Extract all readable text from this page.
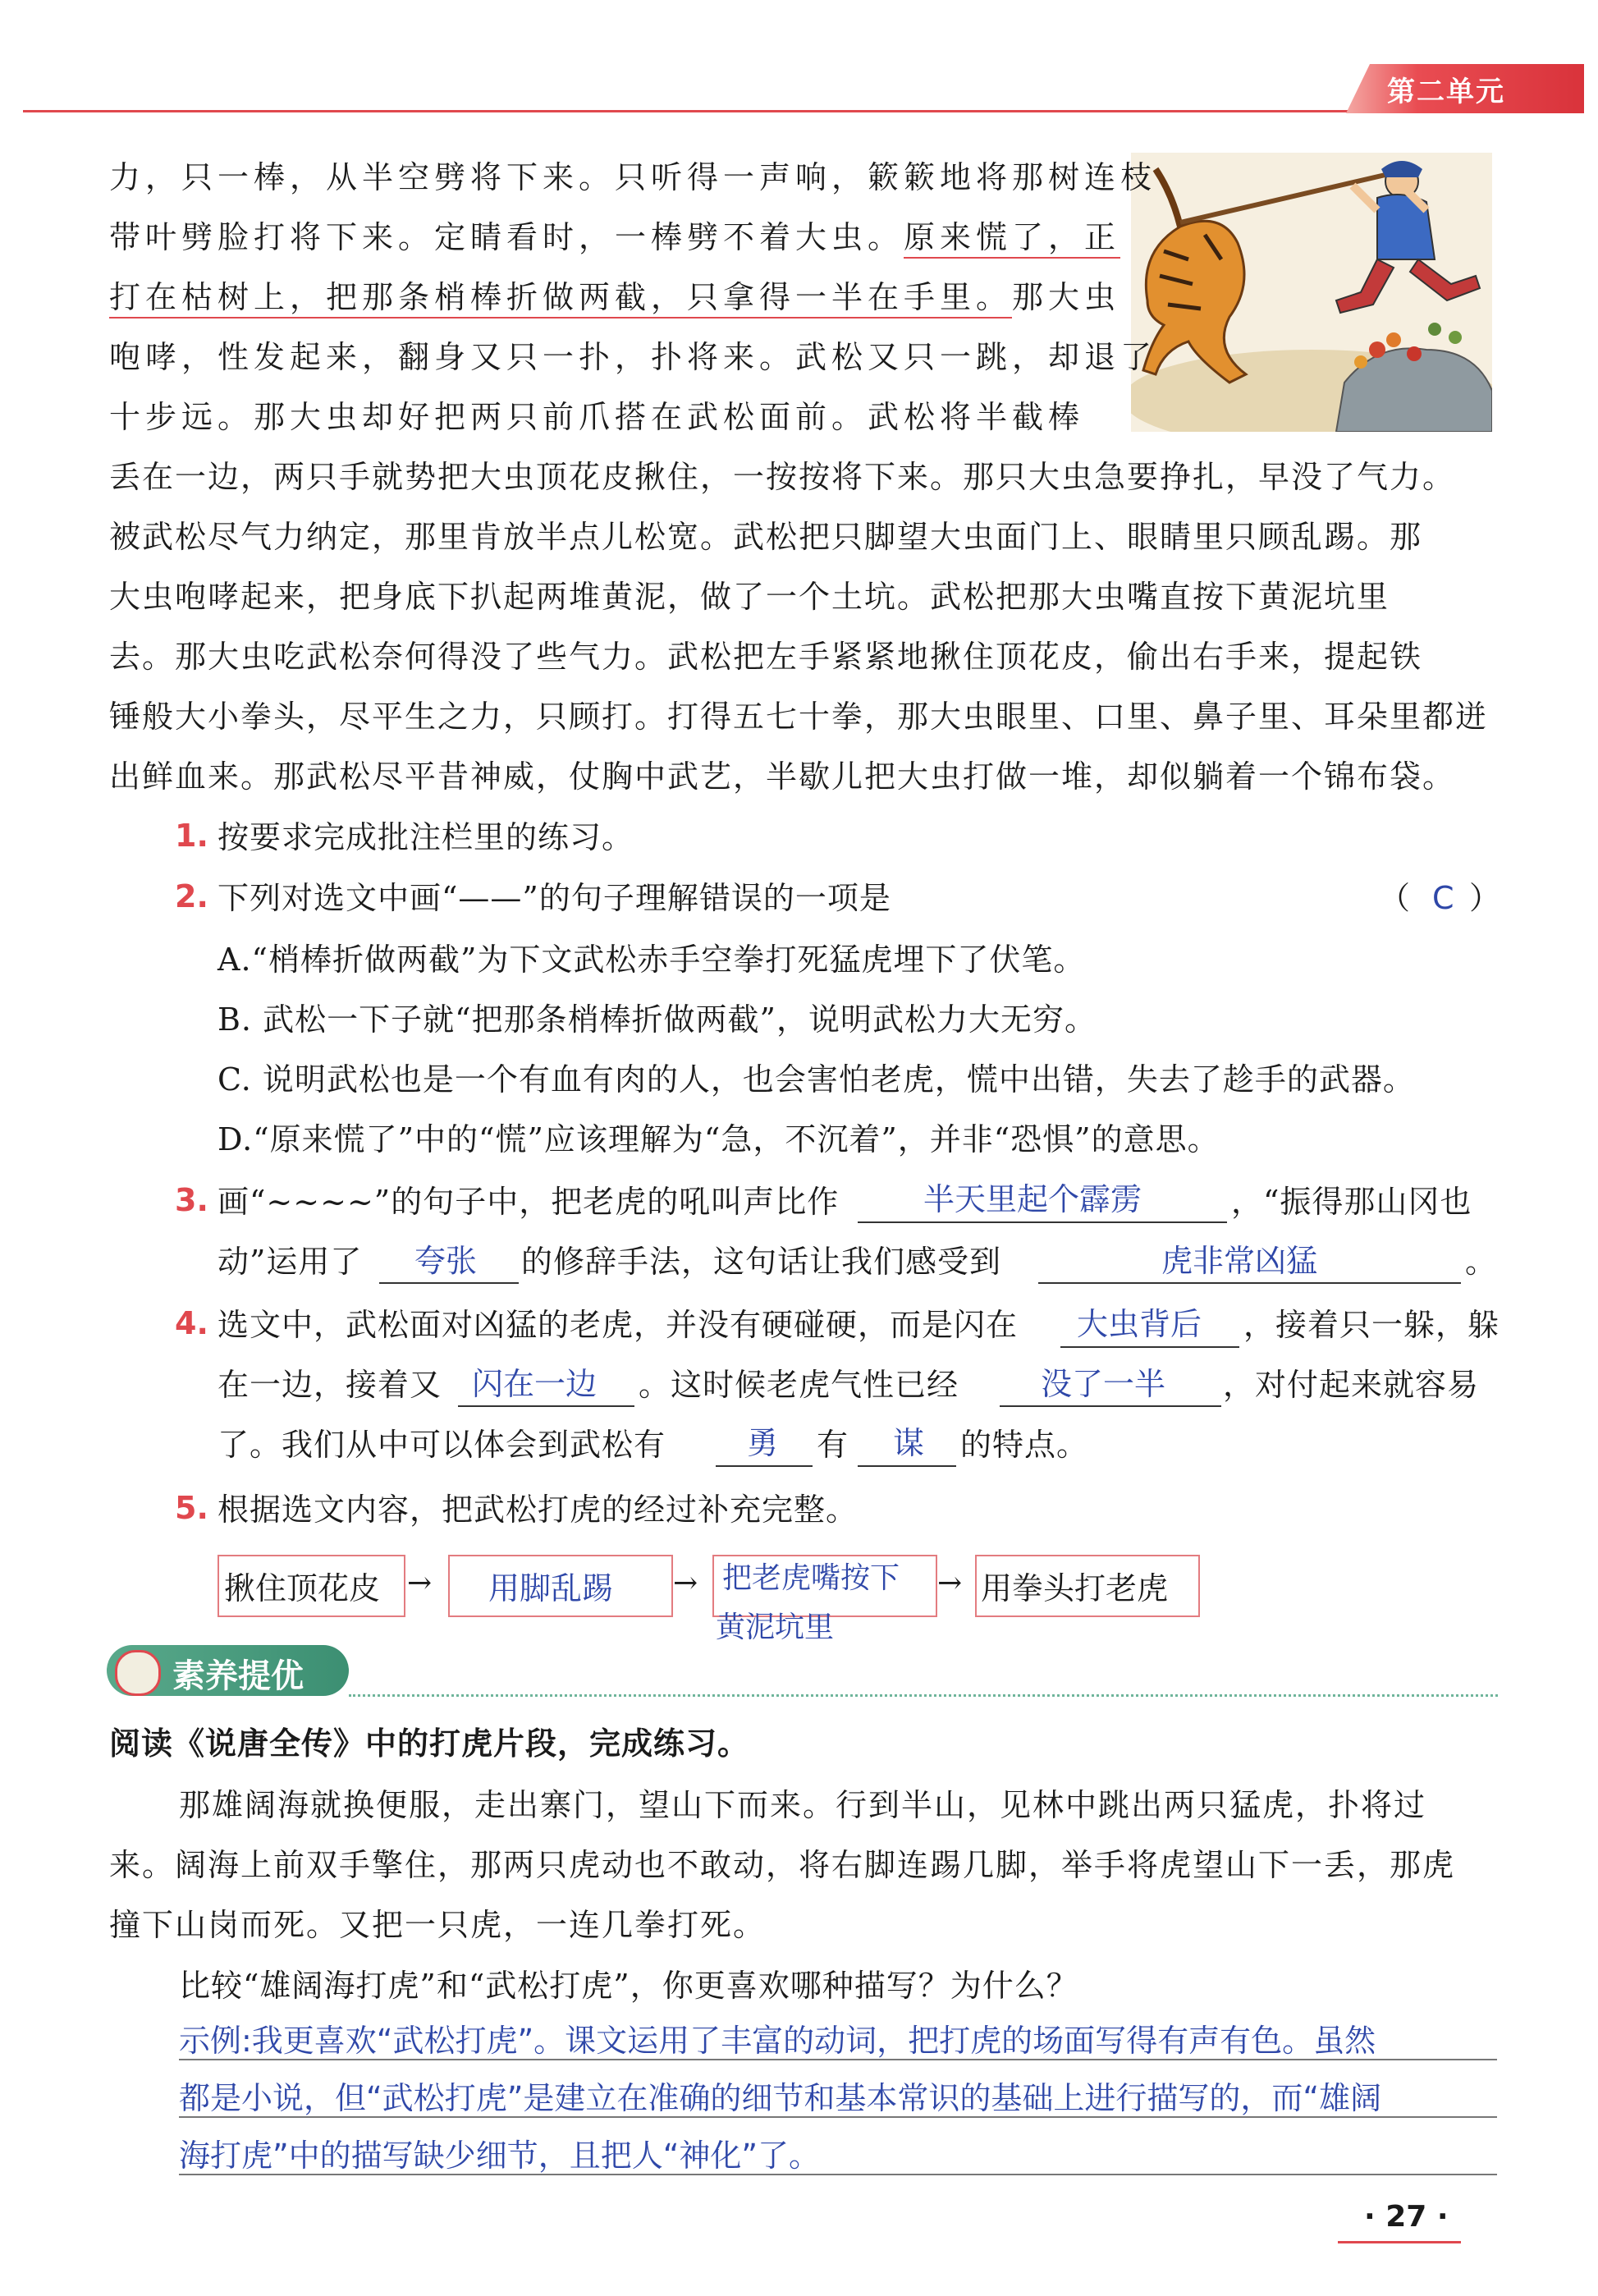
第二单元
力，只一棒，从半空劈将下来。只听得一声响，簌簌地将那树连枝
带叶劈脸打将下来。定睛看时，一棒劈不着大虫。原来慌了，正
打在枯树上，把那条梢棒折做两截，只拿得一半在手里。那大虫
咆哮，性发起来，翻身又只一扑，扑将来。武松又只一跳，却退了
十步远。那大虫却好把两只前爪搭在武松面前。武松将半截棒
丢在一边，两只手就势把大虫顶花皮揪住，一按按将下来。那只大虫急要挣扎，早没了气力。
被武松尽气力纳定，那里肯放半点儿松宽。武松把只脚望大虫面门上、眼睛里只顾乱踢。那
大虫咆哮起来，把身底下扒起两堆黄泥，做了一个土坑。武松把那大虫嘴直按下黄泥坑里
去。那大虫吃武松奈何得没了些气力。武松把左手紧紧地揪住顶花皮，偷出右手来，提起铁
锤般大小拳头，尽平生之力，只顾打。打得五七十拳，那大虫眼里、口里、鼻子里、耳朵里都迸
出鲜血来。那武松尽平昔神威，仗胸中武艺，半歇儿把大虫打做一堆，却似躺着一个锦布袋。
1. 按要求完成批注栏里的练习。
2. 下列对选文中画“——”的句子理解错误的一项是	（ C ）
A.“梢棒折做两截”为下文武松赤手空拳打死猛虎埋下了伏笔。
B. 武松一下子就“把那条梢棒折做两截”，说明武松力大无穷。
C. 说明武松也是一个有血有肉的人，也会害怕老虎，慌中出错，失去了趁手的武器。
D.“原来慌了”中的“慌”应该理解为“急，不沉着”，并非“恐惧”的意思。
3. 画“~~~~”的句子中，把老虎的吼叫声比作	半天里起个霹雳	，“振得那山冈也
动”运用了 夸张 的修辞手法，这句话让我们感受到	虎非常凶猛	。
4. 选文中，武松面对凶猛的老虎，并没有硬碰硬，而是闪在 大虫背后 ，接着只一躲，躲
在一边，接着又 闪在一边 。这时候老虎气性已经	没了一半 ，对付起来就容易
了。我们从中可以体会到武松有	勇 有 谋 的特点。
5. 根据选文内容，把武松打虎的经过补充完整。
揪住顶花皮 → 用脚乱踢 → 把老虎嘴按下
黄泥坑里
→ 用拳头打老虎
素养提优
阅读《说唐全传》中的打虎片段，完成练习。
那雄阔海就换便服，走出寨门，望山下而来。行到半山，见林中跳出两只猛虎，扑将过
来。阔海上前双手擎住，那两只虎动也不敢动，将右脚连踢几脚，举手将虎望山下一丢，那虎
撞下山岗而死。又把一只虎，一连几拳打死。
比较“雄阔海打虎”和“武松打虎”，你更喜欢哪种描写？为什么？
示例:我更喜欢“武松打虎”。课文运用了丰富的动词，把打虎的场面写得有声有色。虽然
都是小说，但“武松打虎”是建立在准确的细节和基本常识的基础上进行描写的，而“雄阔
海打虎”中的描写缺少细节，且把人“神化”了。
· 27 ·
